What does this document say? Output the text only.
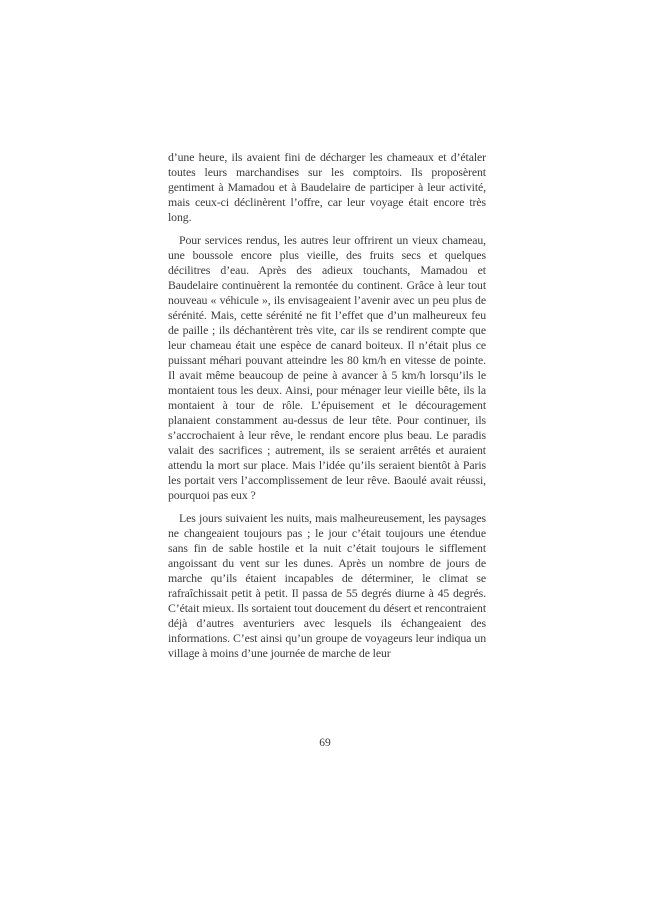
d’une heure, ils avaient fini de décharger les chameaux et d’étaler toutes leurs marchandises sur les comptoirs. Ils proposèrent gentiment à Mamadou et à Baudelaire de participer à leur activité, mais ceux-ci déclinèrent l’offre, car leur voyage était encore très long.

Pour services rendus, les autres leur offrirent un vieux chameau, une boussole encore plus vieille, des fruits secs et quelques décilitres d’eau. Après des adieux touchants, Mamadou et Baudelaire continuèrent la remontée du continent. Grâce à leur tout nouveau « véhicule », ils envisageaient l’avenir avec un peu plus de sérénité. Mais, cette sérénité ne fit l’effet que d’un malheureux feu de paille ; ils déchantèrent très vite, car ils se rendirent compte que leur chameau était une espèce de canard boiteux. Il n’était plus ce puissant méhari pouvant atteindre les 80 km/h en vitesse de pointe. Il avait même beaucoup de peine à avancer à 5 km/h lorsqu’ils le montaient tous les deux. Ainsi, pour ménager leur vieille bête, ils la montaient à tour de rôle. L’épuisement et le découragement planaient constamment au-dessus de leur tête. Pour continuer, ils s’accrochaient à leur rêve, le rendant encore plus beau. Le paradis valait des sacrifices ; autrement, ils se seraient arrêtés et auraient attendu la mort sur place. Mais l’idée qu’ils seraient bientôt à Paris les portait vers l’accomplissement de leur rêve. Baoulé avait réussi, pourquoi pas eux ?

Les jours suivaient les nuits, mais malheureusement, les paysages ne changeaient toujours pas ; le jour c’était toujours une étendue sans fin de sable hostile et la nuit c’était toujours le sifflement angoissant du vent sur les dunes. Après un nombre de jours de marche qu’ils étaient incapables de déterminer, le climat se rafraîchissait petit à petit. Il passa de 55 degrés diurne à 45 degrés. C’était mieux. Ils sortaient tout doucement du désert et rencontraient déjà d’autres aventuriers avec lesquels ils échangeaient des informations. C’est ainsi qu’un groupe de voyageurs leur indiqua un village à moins d’une journée de marche de leur

69
